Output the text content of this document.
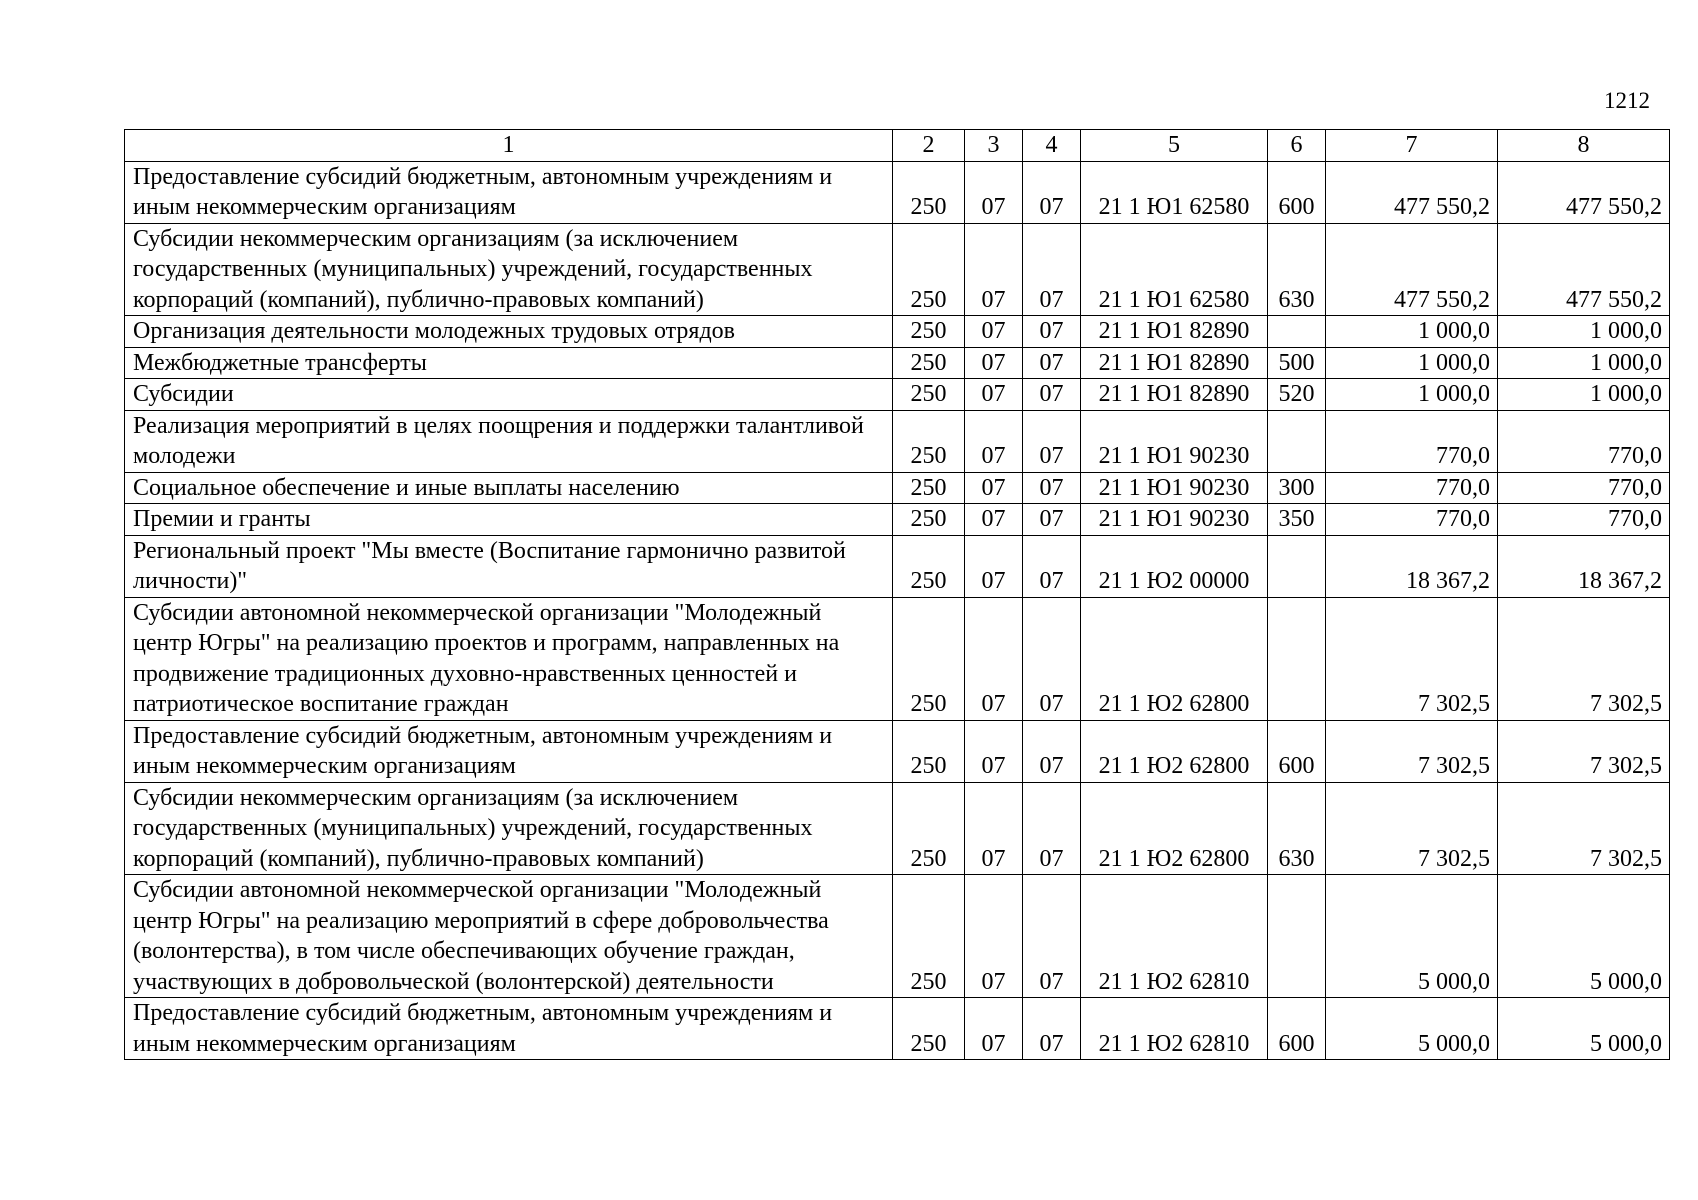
1212
1	2	3	4	5	6	7	8
Предоставление субсидий бюджетным, автономным учреждениям и иным некоммерческим организациям	250	07	07	21 1 Ю1 62580	600	477 550,2	477 550,2
Субсидии некоммерческим организациям (за исключением государственных (муниципальных) учреждений, государственных корпораций (компаний), публично-правовых компаний)	250	07	07	21 1 Ю1 62580	630	477 550,2	477 550,2
Организация деятельности молодежных трудовых отрядов	250	07	07	21 1 Ю1 82890		1 000,0	1 000,0
Межбюджетные трансферты	250	07	07	21 1 Ю1 82890	500	1 000,0	1 000,0
Субсидии	250	07	07	21 1 Ю1 82890	520	1 000,0	1 000,0
Реализация мероприятий в целях поощрения и поддержки талантливой молодежи	250	07	07	21 1 Ю1 90230		770,0	770,0
Социальное обеспечение и иные выплаты населению	250	07	07	21 1 Ю1 90230	300	770,0	770,0
Премии и гранты	250	07	07	21 1 Ю1 90230	350	770,0	770,0
Региональный проект "Мы вместе (Воспитание гармонично развитой личности)"	250	07	07	21 1 Ю2 00000		18 367,2	18 367,2
Субсидии автономной некоммерческой организации "Молодежный центр Югры" на реализацию проектов и программ, направленных на продвижение традиционных духовно-нравственных ценностей и патриотическое воспитание граждан	250	07	07	21 1 Ю2 62800		7 302,5	7 302,5
Предоставление субсидий бюджетным, автономным учреждениям и иным некоммерческим организациям	250	07	07	21 1 Ю2 62800	600	7 302,5	7 302,5
Субсидии некоммерческим организациям (за исключением государственных (муниципальных) учреждений, государственных корпораций (компаний), публично-правовых компаний)	250	07	07	21 1 Ю2 62800	630	7 302,5	7 302,5
Субсидии автономной некоммерческой организации "Молодежный центр Югры" на реализацию мероприятий в сфере добровольчества (волонтерства), в том числе обеспечивающих обучение граждан, участвующих в добровольческой (волонтерской) деятельности	250	07	07	21 1 Ю2 62810		5 000,0	5 000,0
Предоставление субсидий бюджетным, автономным учреждениям и иным некоммерческим организациям	250	07	07	21 1 Ю2 62810	600	5 000,0	5 000,0
